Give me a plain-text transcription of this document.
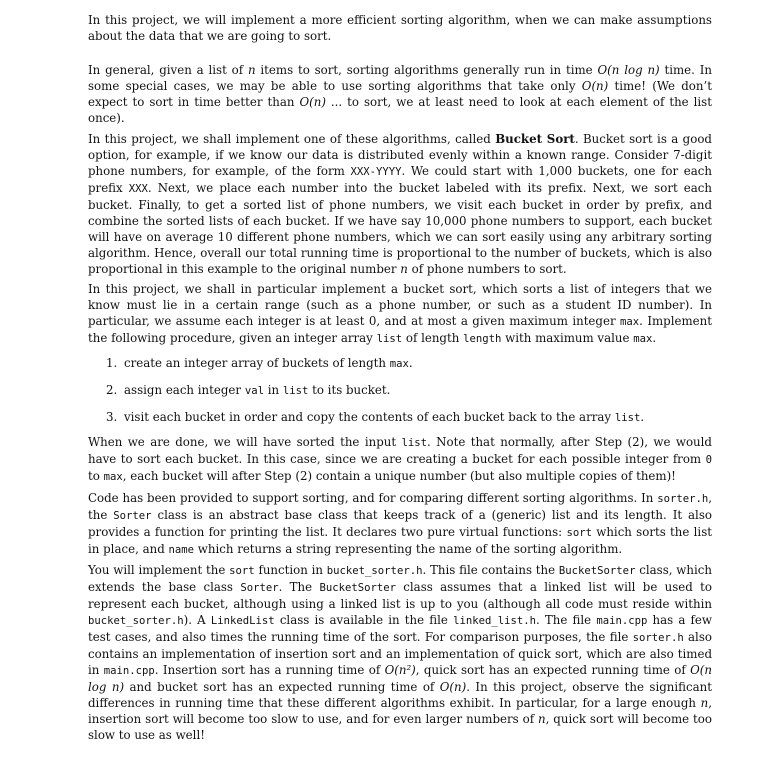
In this project, we will implement a more efficient sorting algorithm, when we can make assumptions about the data that we are going to sort.

In general, given a list of n items to sort, sorting algorithms generally run in time O(n log n) time. In some special cases, we may be able to use sorting algorithms that take only O(n) time! (We don’t expect to sort in time better than O(n) ... to sort, we at least need to look at each element of the list once).

In this project, we shall implement one of these algorithms, called Bucket Sort. Bucket sort is a good option, for example, if we know our data is distributed evenly within a known range. Consider 7-digit phone numbers, for example, of the form XXX-YYYY. We could start with 1,000 buckets, one for each prefix XXX. Next, we place each number into the bucket labeled with its prefix. Next, we sort each bucket. Finally, to get a sorted list of phone numbers, we visit each bucket in order by prefix, and combine the sorted lists of each bucket. If we have say 10,000 phone numbers to support, each bucket will have on average 10 different phone numbers, which we can sort easily using any arbitrary sorting algorithm. Hence, overall our total running time is proportional to the number of buckets, which is also proportional in this example to the original number n of phone numbers to sort.

In this project, we shall in particular implement a bucket sort, which sorts a list of integers that we know must lie in a certain range (such as a phone number, or such as a student ID number). In particular, we assume each integer is at least 0, and at most a given maximum integer max. Implement the following procedure, given an integer array list of length length with maximum value max.

1. create an integer array of buckets of length max.
2. assign each integer val in list to its bucket.
3. visit each bucket in order and copy the contents of each bucket back to the array list.

When we are done, we will have sorted the input list. Note that normally, after Step (2), we would have to sort each bucket. In this case, since we are creating a bucket for each possible integer from 0 to max, each bucket will after Step (2) contain a unique number (but also multiple copies of them)!

Code has been provided to support sorting, and for comparing different sorting algorithms. In sorter.h, the Sorter class is an abstract base class that keeps track of a (generic) list and its length. It also provides a function for printing the list. It declares two pure virtual functions: sort which sorts the list in place, and name which returns a string representing the name of the sorting algorithm.

You will implement the sort function in bucket_sorter.h. This file contains the BucketSorter class, which extends the base class Sorter. The BucketSorter class assumes that a linked list will be used to represent each bucket, although using a linked list is up to you (although all code must reside within bucket_sorter.h). A LinkedList class is available in the file linked_list.h. The file main.cpp has a few test cases, and also times the running time of the sort. For comparison purposes, the file sorter.h also contains an implementation of insertion sort and an implementation of quick sort, which are also timed in main.cpp. Insertion sort has a running time of O(n²), quick sort has an expected running time of O(n log n) and bucket sort has an expected running time of O(n). In this project, observe the significant differences in running time that these different algorithms exhibit. In particular, for a large enough n, insertion sort will become too slow to use, and for even larger numbers of n, quick sort will become too slow to use as well!
